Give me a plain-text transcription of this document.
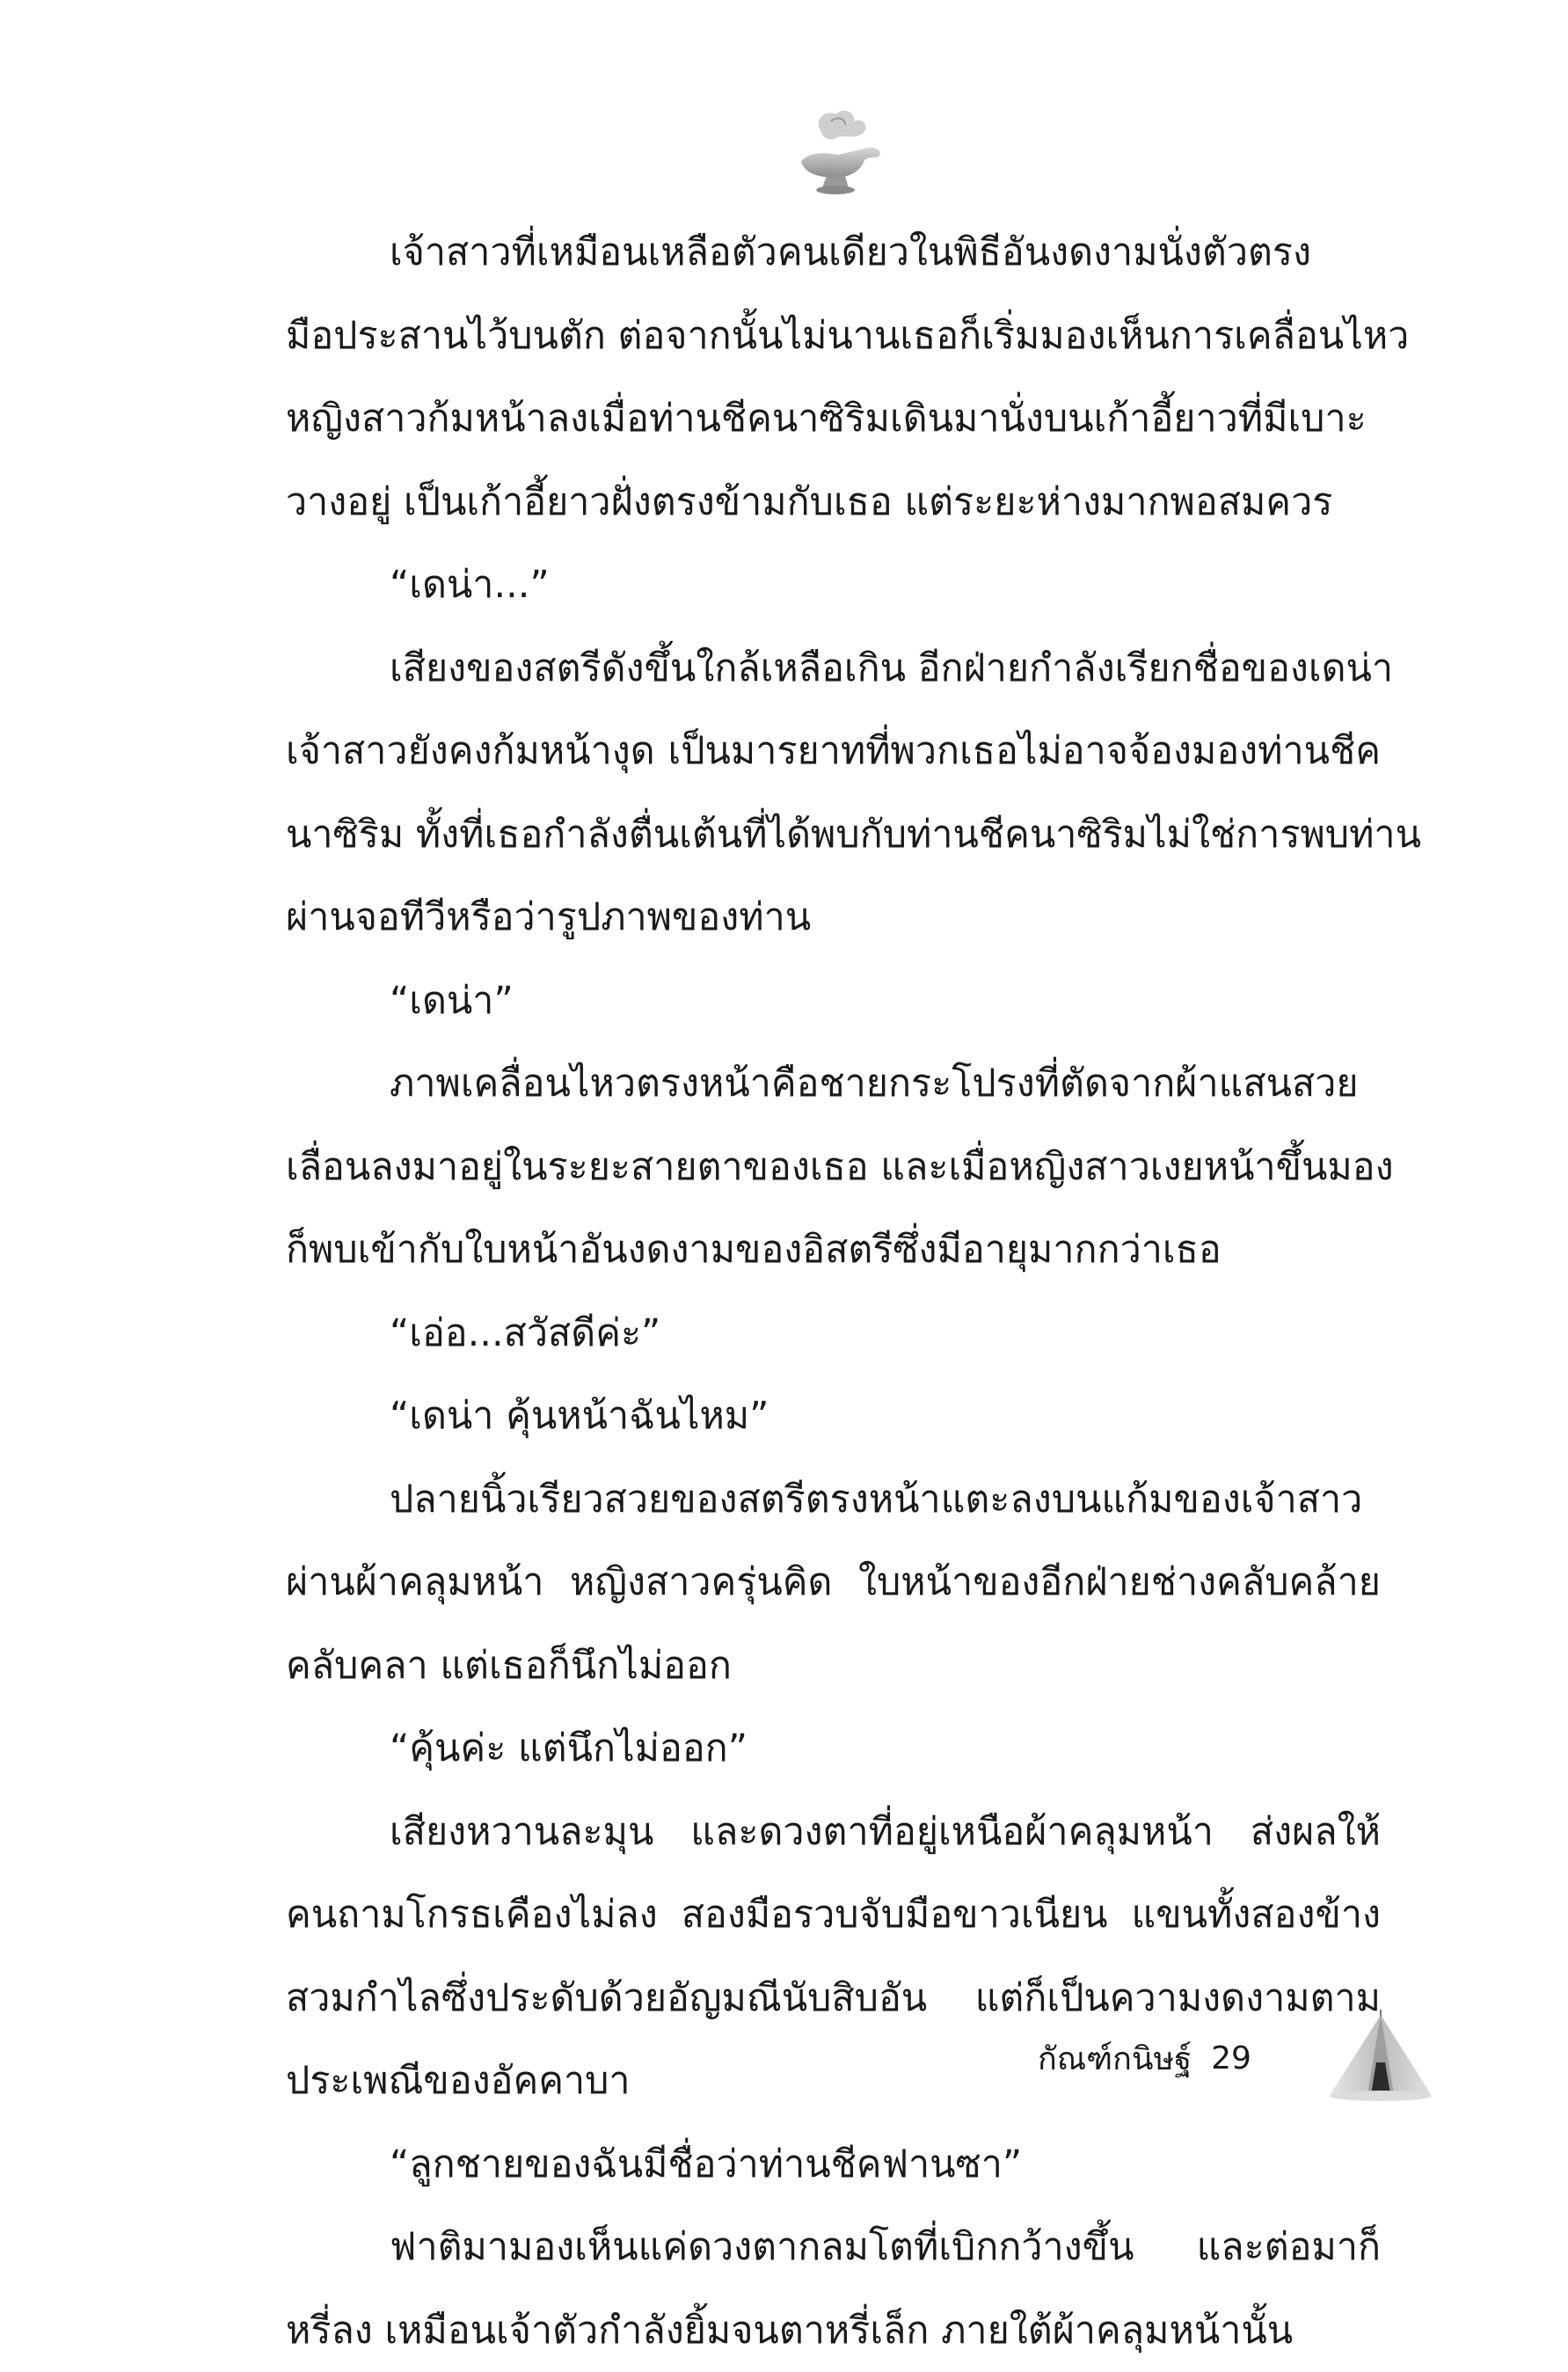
เจ้าสาวที่เหมือนเหลือตัวคนเดียวในพิธีอันงดงามนั่งตัวตรง
มือประสานไว้บนตัก ต่อจากนั้นไม่นานเธอก็เริ่มมองเห็นการเคลื่อนไหว
หญิงสาวก้มหน้าลงเมื่อท่านชีคนาซิริมเดินมานั่งบนเก้าอี้ยาวที่มีเบาะ
วางอยู่ เป็นเก้าอี้ยาวฝั่งตรงข้ามกับเธอ แต่ระยะห่างมากพอสมควร
“เดน่า...”
เสียงของสตรีดังขึ้นใกล้เหลือเกิน อีกฝ่ายกำลังเรียกชื่อของเดน่า
เจ้าสาวยังคงก้มหน้างุด เป็นมารยาทที่พวกเธอไม่อาจจ้องมองท่านชีค
นาซิริม ทั้งที่เธอกำลังตื่นเต้นที่ได้พบกับท่านชีคนาซิริมไม่ใช่การพบท่าน
ผ่านจอทีวีหรือว่ารูปภาพของท่าน
“เดน่า”
ภาพเคลื่อนไหวตรงหน้าคือชายกระโปรงที่ตัดจากผ้าแสนสวย
เลื่อนลงมาอยู่ในระยะสายตาของเธอ และเมื่อหญิงสาวเงยหน้าขึ้นมอง
ก็พบเข้ากับใบหน้าอันงดงามของอิสตรีซึ่งมีอายุมากกว่าเธอ
“เอ่อ...สวัสดีค่ะ”
“เดน่า คุ้นหน้าฉันไหม”
ปลายนิ้วเรียวสวยของสตรีตรงหน้าแตะลงบนแก้มของเจ้าสาว
ผ่านผ้าคลุมหน้า หญิงสาวครุ่นคิด ใบหน้าของอีกฝ่ายช่างคลับคล้าย
คลับคลา แต่เธอก็นึกไม่ออก
“คุ้นค่ะ แต่นึกไม่ออก”
เสียงหวานละมุน และดวงตาที่อยู่เหนือผ้าคลุมหน้า ส่งผลให้
คนถามโกรธเคืองไม่ลง สองมือรวบจับมือขาวเนียน แขนทั้งสองข้าง
สวมกำไลซึ่งประดับด้วยอัญมณีนับสิบอัน แต่ก็เป็นความงดงามตาม
ประเพณีของอัคคาบา
“ลูกชายของฉันมีชื่อว่าท่านชีคฟานซา”
ฟาติมามองเห็นแค่ดวงตากลมโตที่เบิกกว้างขึ้น และต่อมาก็
หรี่ลง เหมือนเจ้าตัวกำลังยิ้มจนตาหรี่เล็ก ภายใต้ผ้าคลุมหน้านั้น
กัณฑ์กนิษฐ์ 29
